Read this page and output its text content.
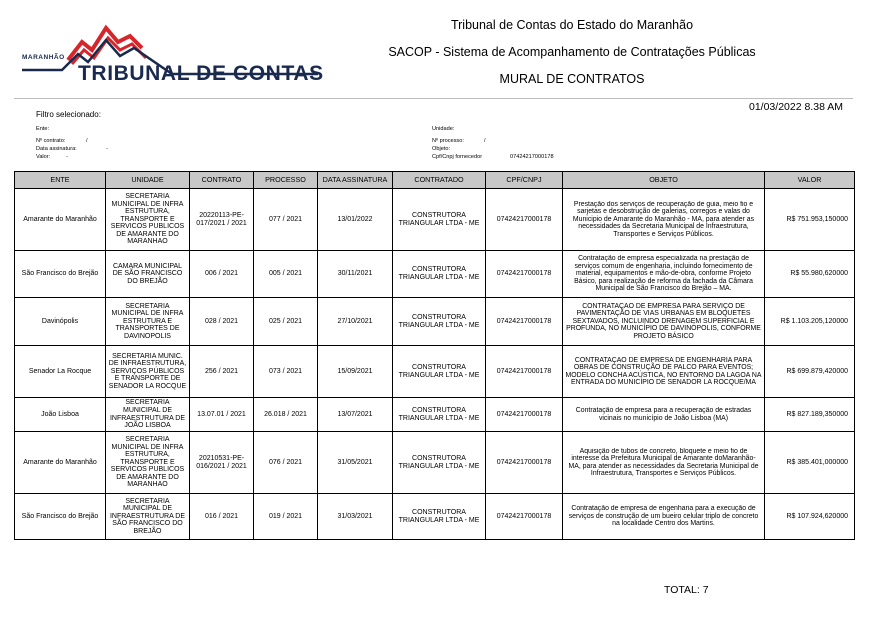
MARANHÃO
TRIBUNAL DE CONTAS
Tribunal de Contas do Estado do Maranhão
SACOP - Sistema de Acompanhamento de Contratações Públicas
MURAL DE CONTRATOS
01/03/2022 8.38 AM
Filtro selecionado:
Ente:
Nº contrato:	/
Data assinatura:	-
Valor:	-
Unidade:
Nº processo:	/
Objeto:
Cpf/Cnpj fornecedor	07424217000178
ENTE	UNIDADE	CONTRATO	PROCESSO	DATA ASSINATURA	CONTRATADO	CPF/CNPJ	OBJETO	VALOR
Amarante do Maranhão	SECRETARIA MUNICIPAL DE INFRA ESTRUTURA, TRANSPORTE E SERVICOS PUBLICOS DE AMARANTE DO MARANHAO	20220113-PE-017/2021 / 2021	077 / 2021	13/01/2022	CONSTRUTORA TRIANGULAR LTDA - ME	07424217000178	Prestação dos serviços de recuperação de guia, meio fio e sarjetas e desobstrução de galerias, corregos e valas do Municipio de Amarante do Maranhão - MA, para atender as necessidades da Secretaria Municipal de Infraestrutura, Transportes e Serviços Públicos.	R$ 751.953,150000
São Francisco do Brejão	CÂMARA MUNICIPAL DE SÃO FRANCISCO DO BREJÃO	006 / 2021	005 / 2021	30/11/2021	CONSTRUTORA TRIANGULAR LTDA - ME	07424217000178	Contratação de empresa especializada na prestação de serviços comum de engenharia, incluindo fornecimento de material, equipamentos e mão-de-obra, conforme Projeto Básico, para realização de reforma da fachada da Câmara Municipal de São Francisco do Brejão – MA.	R$ 55.980,620000
Davinópolis	SECRETARIA MUNICIPAL DE INFRA ESTRUTURA E TRANSPORTES DE DAVINOPOLIS	028 / 2021	025 / 2021	27/10/2021	CONSTRUTORA TRIANGULAR LTDA - ME	07424217000178	CONTRATAÇÃO DE EMPRESA PARA SERVIÇO DE PAVIMENTAÇÃO DE VIAS URBANAS EM BLOQUETES SEXTAVADOS, INCLUINDO DRENAGEM SUPERFICIAL E PROFUNDA, NO MUNICÍPIO DE DAVINÓPOLIS, CONFORME PROJETO BÁSICO	R$ 1.103.205,120000
Senador La Rocque	SECRETARIA MUNIC. DE INFRAESTRUTURA, SERVIÇOS PÚBLICOS E TRANSPORTE DE SENADOR LA ROCQUE	256 / 2021	073 / 2021	15/09/2021	CONSTRUTORA TRIANGULAR LTDA - ME	07424217000178	CONTRATAÇÃO DE EMPRESA DE ENGENHARIA PARA OBRAS DE CONSTRUÇÃO DE PALCO PARA EVENTOS; MODELO CONCHA ACÚSTICA, NO ENTORNO DA LAGOA NA ENTRADA DO MUNICÍPIO DE SENADOR LA ROCQUE/MA	R$ 699.879,420000
João Lisboa	SECRETARIA MUNICIPAL DE INFRAESTRUTURA DE JOÃO LISBOA	13.07.01 / 2021	26.018 / 2021	13/07/2021	CONSTRUTORA TRIANGULAR LTDA - ME	07424217000178	Contratação de empresa para a recuperação de estradas vicinais no município de João Lisboa (MA)	R$ 827.189,350000
Amarante do Maranhão	SECRETARIA MUNICIPAL DE INFRA ESTRUTURA, TRANSPORTE E SERVICOS PUBLICOS DE AMARANTE DO MARANHAO	20210531-PE-016/2021 / 2021	076 / 2021	31/05/2021	CONSTRUTORA TRIANGULAR LTDA - ME	07424217000178	Aquisição de tubos de concreto, bloquete e meio fio de interesse da Prefeitura Municipal de Amarante doMaranhão- MA, para atender as necessidades da Secretaria Municipal de Infraestrutura, Transportes e Serviços Públicos.	R$ 385.401,000000
São Francisco do Brejão	SECRETARIA MUNICIPAL DE INFRAESTRUTURA DE SÃO FRANCISCO DO BREJÃO	016 / 2021	019 / 2021	31/03/2021	CONSTRUTORA TRIANGULAR LTDA - ME	07424217000178	Contratação de empresa de engenharia para a execução de serviços de construção de um bueiro celular triplo de concreto na localidade Centro dos Martins.	R$ 107.924,620000
TOTAL: 7
